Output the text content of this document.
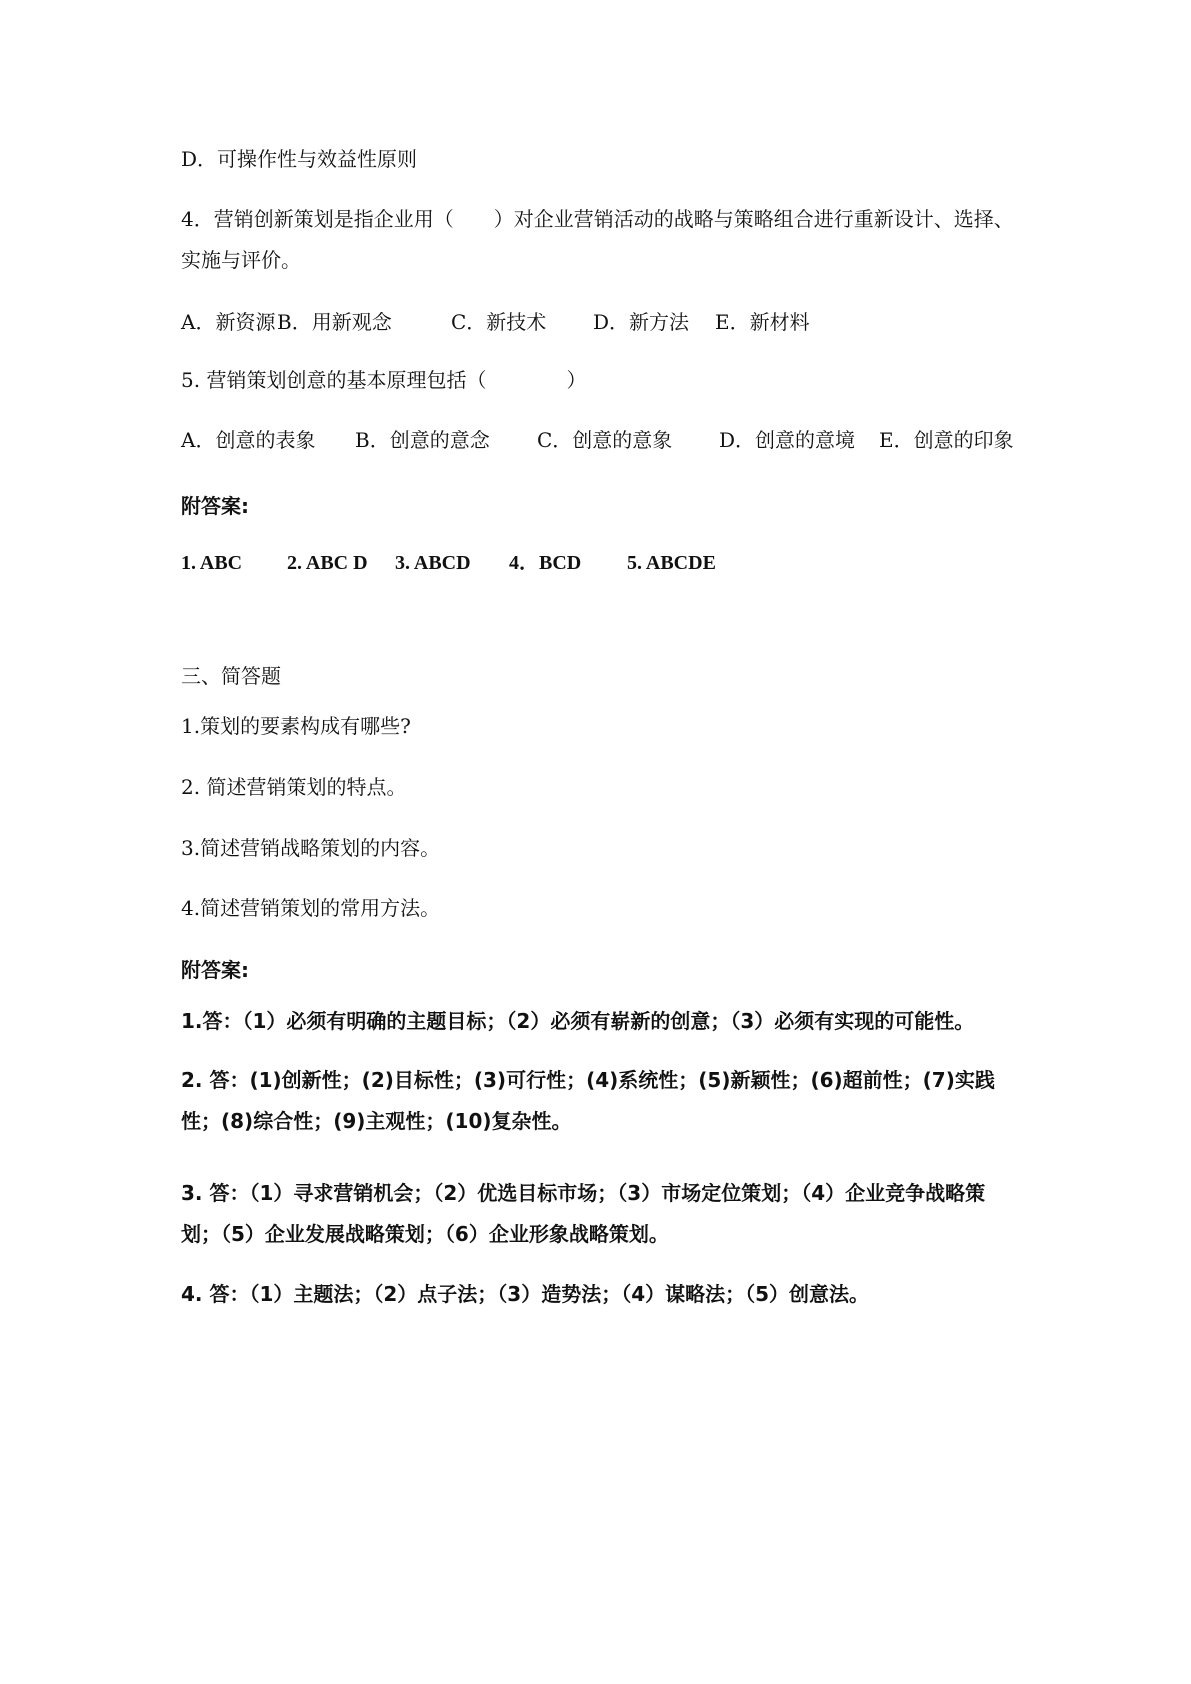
D．可操作性与效益性原则
4．营销创新策划是指企业用（　　）对企业营销活动的战略与策略组合进行重新设计、选择、实施与评价。
A．新资源B．用新观念	C．新技术 D．新方法 E．新材料
5. 营销策划创意的基本原理包括（　　　　）
A．创意的表象 B．创意的意念 C．创意的意象 D．创意的意境 E．创意的印象
附答案:
1. ABC 2. ABC D 3. ABCD 4．BCD 5. ABCDE
三、简答题
1.策划的要素构成有哪些?
2. 简述营销策划的特点。
3.简述营销战略策划的内容。
4.简述营销策划的常用方法。
附答案:
1.答：（1）必须有明确的主题目标；（2）必须有崭新的创意；（3）必须有实现的可能性。
2. 答：(1)创新性；(2)目标性；(3)可行性；(4)系统性；(5)新颖性；(6)超前性；(7)实践性；(8)综合性；(9)主观性；(10)复杂性。
3. 答：（1）寻求营销机会；（2）优选目标市场；（3）市场定位策划；（4）企业竞争战略策划；（5）企业发展战略策划；（6）企业形象战略策划。
4. 答：（1）主题法；（2）点子法；（3）造势法；（4）谋略法；（5）创意法。
